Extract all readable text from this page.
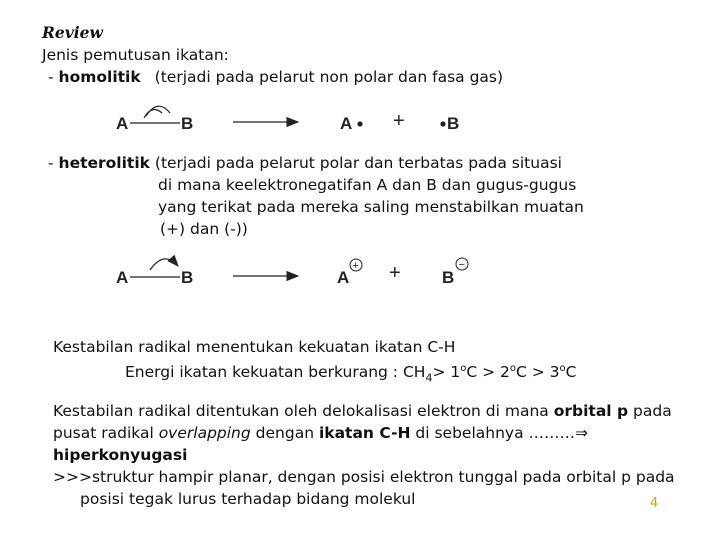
Review
Jenis pemutusan ikatan:
- homolitik (terjadi pada pelarut non polar dan fasa gas)
A	B	A + B
A	B	A
+ + B
−
- heterolitik (terjadi pada pelarut polar dan terbatas pada situasi
di mana keelektronegatifan A dan B dan gugus-gugus
yang terikat pada mereka saling menstabilkan muatan
(+) dan (-))
Kestabilan radikal menentukan kekuatan ikatan C-H
Energi ikatan kekuatan berkurang : $CH_4> 1^oC > 2^oC > 3^oC$
Kestabilan radikal ditentukan oleh delokalisasi elektron di mana orbital p pada
pusat radikal overlapping dengan ikatan C-H di sebelahnya ………⇒
hiperkonyugasi
>>>struktur hampir planar, dengan posisi elektron tunggal pada orbital p pada
posisi tegak lurus terhadap bidang molekul	4
